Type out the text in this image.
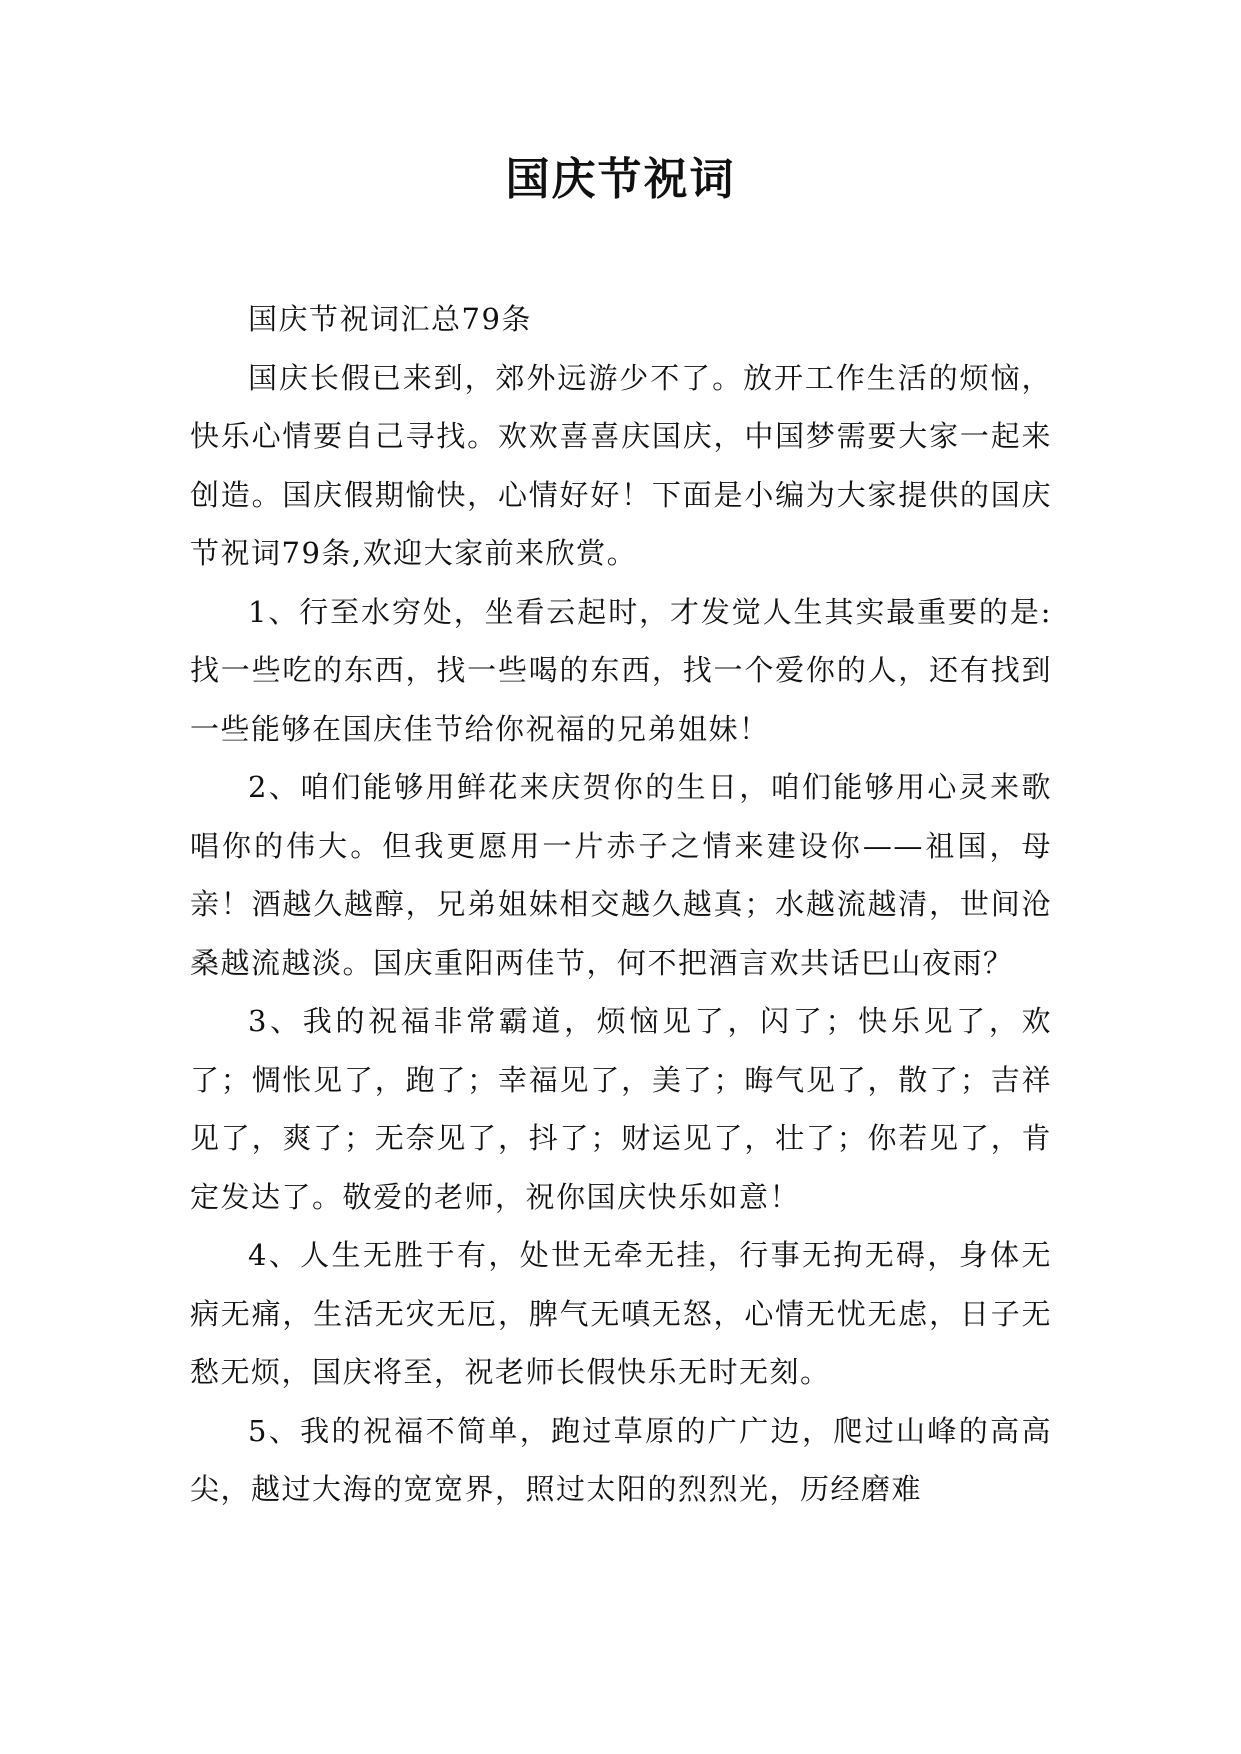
国庆节祝词

国庆节祝词汇总79条

国庆长假已来到，郊外远游少不了。放开工作生活的烦恼，快乐心情要自己寻找。欢欢喜喜庆国庆，中国梦需要大家一起来创造。国庆假期愉快，心情好好！下面是小编为大家提供的国庆节祝词79条,欢迎大家前来欣赏。

1、行至水穷处，坐看云起时，才发觉人生其实最重要的是:找一些吃的东西，找一些喝的东西，找一个爱你的人，还有找到一些能够在国庆佳节给你祝福的兄弟姐妹！

2、咱们能够用鲜花来庆贺你的生日，咱们能够用心灵来歌唱你的伟大。但我更愿用一片赤子之情来建设你——祖国，母亲！酒越久越醇，兄弟姐妹相交越久越真；水越流越清，世间沧桑越流越淡。国庆重阳两佳节，何不把酒言欢共话巴山夜雨？

3、我的祝福非常霸道，烦恼见了，闪了；快乐见了，欢了；惆怅见了，跑了；幸福见了，美了；晦气见了，散了；吉祥见了，爽了；无奈见了，抖了；财运见了，壮了；你若见了，肯定发达了。敬爱的老师，祝你国庆快乐如意！

4、人生无胜于有，处世无牵无挂，行事无拘无碍，身体无病无痛，生活无灾无厄，脾气无嗔无怒，心情无忧无虑，日子无愁无烦，国庆将至，祝老师长假快乐无时无刻。

5、我的祝福不简单，跑过草原的广广边，爬过山峰的高高尖，越过大海的宽宽界，照过太阳的烈烈光，历经磨难
